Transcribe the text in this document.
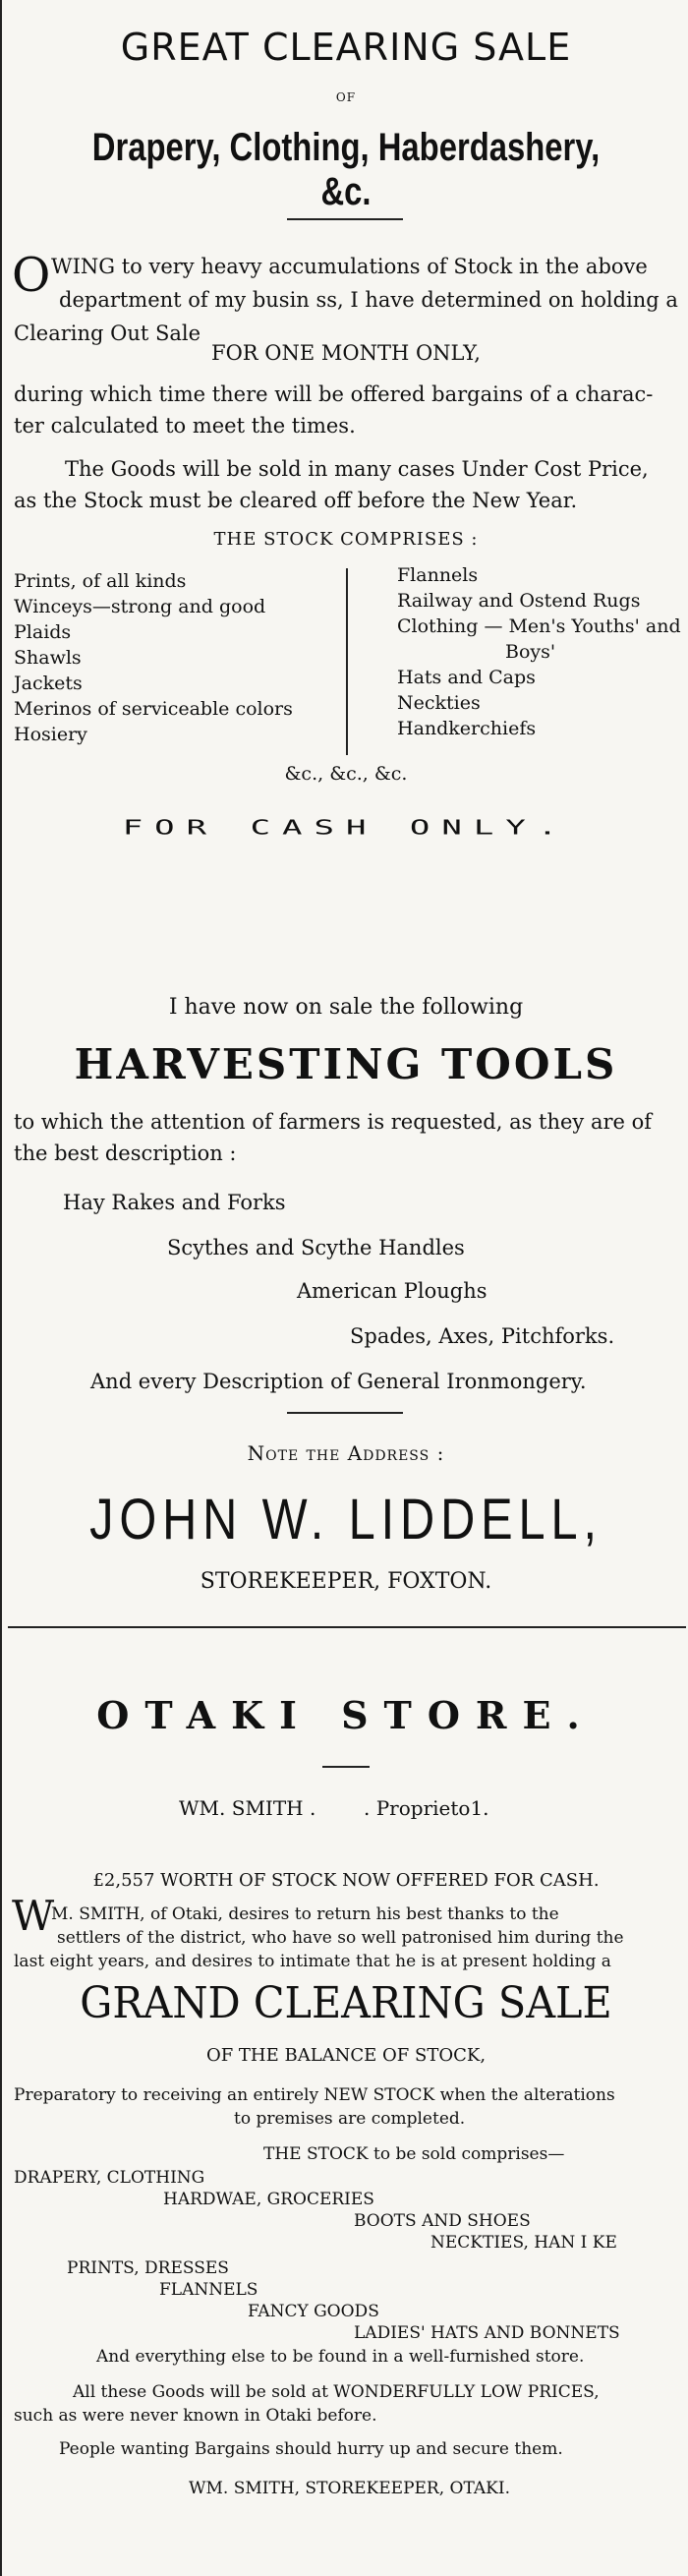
GREAT CLEARING SALE
OF
Drapery, Clothing, Haberdashery, &c.
O WING to very heavy accumulations of Stock in the above
department of my busin ss, I have determined on holding a
Clearing Out Sale
FOR ONE MONTH ONLY,
during which time there will be offered bargains of a charac-
ter calculated to meet the times.
The Goods will be sold in many cases Under Cost Price,
as the Stock must be cleared off before the New Year.
THE STOCK COMPRISES :
Prints, of all kinds
Winceys—strong and good
Plaids
Shawls
Jackets
Merinos of serviceable colors
Hosiery
Flannels
Railway and Ostend Rugs
Clothing — Men's Youths' and
Boys'
Hats and Caps
Neckties
Handkerchiefs
&c., &c., &c.
FOR CASH ONLY.
I have now on sale the following
HARVESTING TOOLS
to which the attention of farmers is requested, as they are of
the best description :
Hay Rakes and Forks
Scythes and Scythe Handles
American Ploughs
Spades, Axes, Pitchforks.
And every Description of General Ironmongery.
Note the Address :
JOHN W. LIDDELL,
STOREKEEPER, FOXTON.
OTAKI STORE.
WM. SMITH . . Proprieto1.
£2,557 WORTH OF STOCK NOW OFFERED FOR CASH.
W
M. SMITH, of Otaki, desires to return his best thanks to the
settlers of the district, who have so well patronised him during the
last eight years, and desires to intimate that he is at present holding a
GRAND CLEARING SALE
OF THE BALANCE OF STOCK,
Preparatory to receiving an entirely NEW STOCK when the alterations
to premises are completed.
THE STOCK to be sold comprises—
DRAPERY, CLOTHING
HARDWAE, GROCERIES
BOOTS AND SHOES
NECKTIES, HAN I KE
PRINTS, DRESSES
FLANNELS
FANCY GOODS
LADIES' HATS AND BONNETS
And everything else to be found in a well-furnished store.
All these Goods will be sold at WONDERFULLY LOW PRICES,
such as were never known in Otaki before.
People wanting Bargains should hurry up and secure them.
WM. SMITH, STOREKEEPER, OTAKI.
